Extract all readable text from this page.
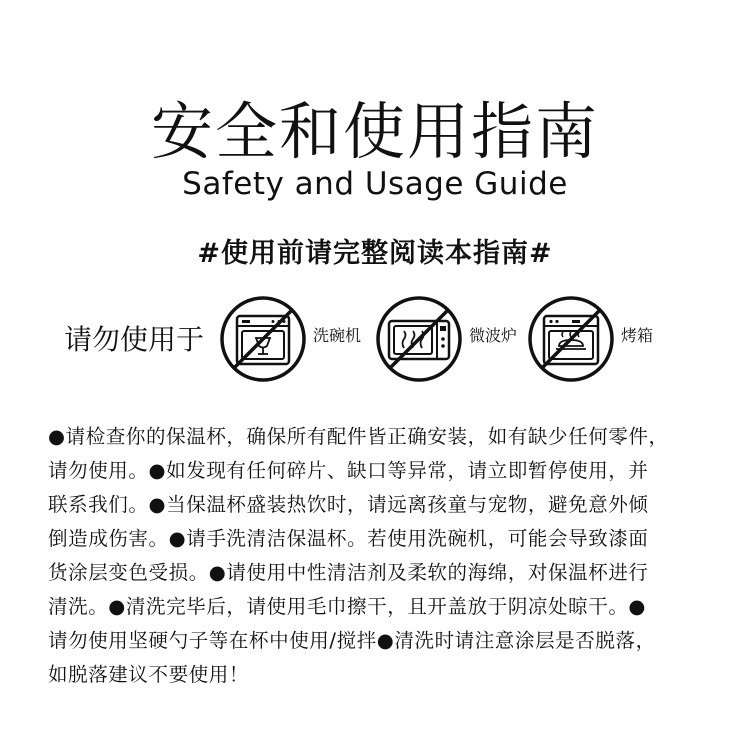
安全和使用指南
Safety and Usage Guide
#使用前请完整阅读本指南#
请勿使用于	洗碗机	微波炉	烤箱

●请检查你的保温杯，确保所有配件皆正确安装，如有缺少任何零件，

请勿使用。●如发现有任何碎片、缺口等异常，请立即暂停使用，并

联系我们。●当保温杯盛装热饮时，请远离孩童与宠物，避免意外倾

倒造成伤害。●请手洗清洁保温杯。若使用洗碗机，可能会导致漆面

货涂层变色受损。●请使用中性清洁剂及柔软的海绵，对保温杯进行

清洗。●清洗完毕后，请使用毛巾擦干，且开盖放于阴凉处晾干。●

请勿使用坚硬勺子等在杯中使用/搅拌●清洗时请注意涂层是否脱落，

如脱落建议不要使用！
